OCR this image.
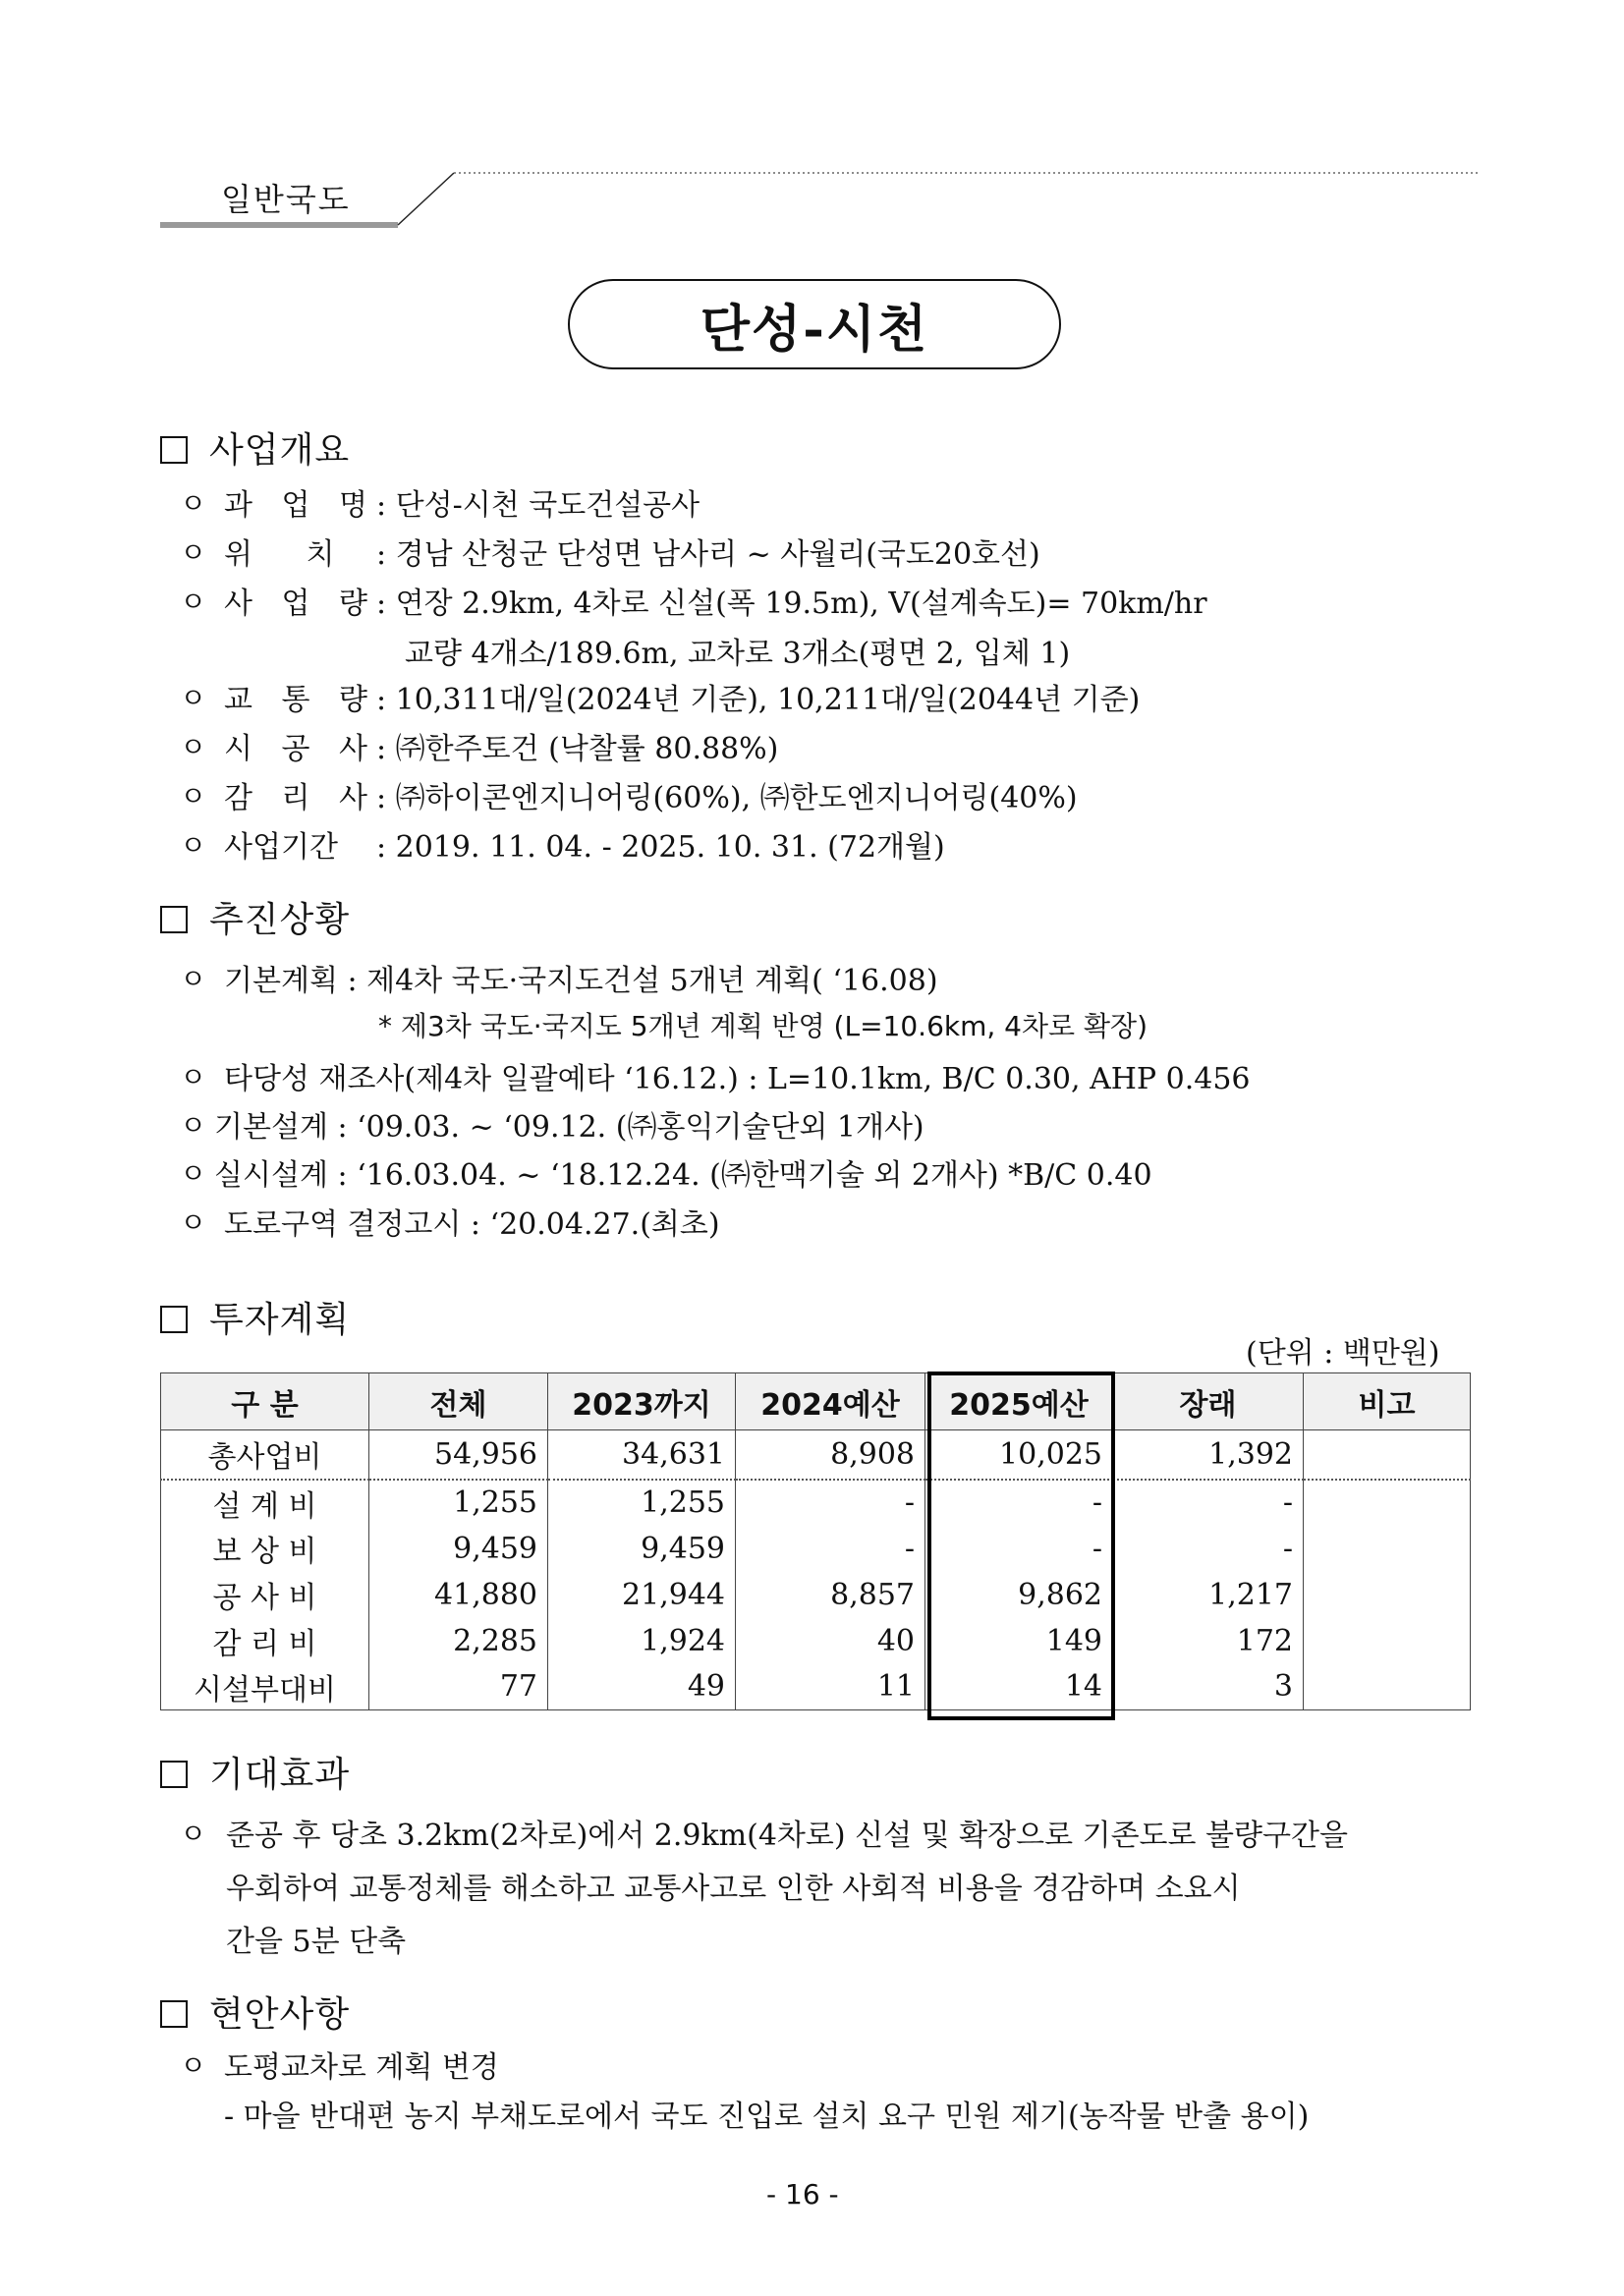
일반국도
단성-시천
사업개요
ㅇ 과 업 명: 단성-시천 국도건설공사
ㅇ 위 치 : 경남 산청군 단성면 남사리 ~ 사월리(국도20호선)
ㅇ 사 업 량: 연장 2.9km, 4차로 신설(폭 19.5m), V(설계속도)= 70km/hr
교량 4개소/189.6m, 교차로 3개소(평면 2, 입체 1)
ㅇ 교 통 량: 10,311대/일(2024년 기준), 10,211대/일(2044년 기준)
ㅇ 시 공 사: ㈜한주토건 (낙찰률 80.88%)
ㅇ 감 리 사: ㈜하이콘엔지니어링(60%), ㈜한도엔지니어링(40%)
ㅇ 사업기간 : 2019. 11. 04. - 2025. 10. 31. (72개월)
추진상황
ㅇ 기본계획 : 제4차 국도·국지도건설 5개년 계획( ‘16.08)
* 제3차 국도·국지도 5개년 계획 반영 (L=10.6km, 4차로 확장)
ㅇ 타당성 재조사(제4차 일괄예타 ‘16.12.) : L=10.1km, B/C 0.30, AHP 0.456
ㅇ 기본설계 : ‘09.03. ~ ‘09.12. (㈜홍익기술단외 1개사)
ㅇ 실시설계 : ‘16.03.04. ~ ‘18.12.24. (㈜한맥기술 외 2개사) *B/C 0.40
ㅇ 도로구역 결정고시 : ‘20.04.27.(최초)
투자계획
(단위 : 백만원)
구 분	전체	2023까지	2024예산	2025예산	장래	비고
총사업비	54,956	34,631	8,908	10,025	1,392	
설 계 비	1,255	1,255	-	-	-	
보 상 비	9,459	9,459	-	-	-	
공 사 비	41,880	21,944	8,857	9,862	1,217	
감 리 비	2,285	1,924	40	149	172	
시설부대비	77	49	11	14	3	
기대효과
ㅇ 준공 후 당초 3.2km(2차로)에서 2.9km(4차로) 신설 및 확장으로 기존도로 불량구간을
우회하여 교통정체를 해소하고 교통사고로 인한 사회적 비용을 경감하며 소요시
간을 5분 단축
현안사항
ㅇ 도평교차로 계획 변경
- 마을 반대편 농지 부채도로에서 국도 진입로 설치 요구 민원 제기(농작물 반출 용이)
- 16 -
